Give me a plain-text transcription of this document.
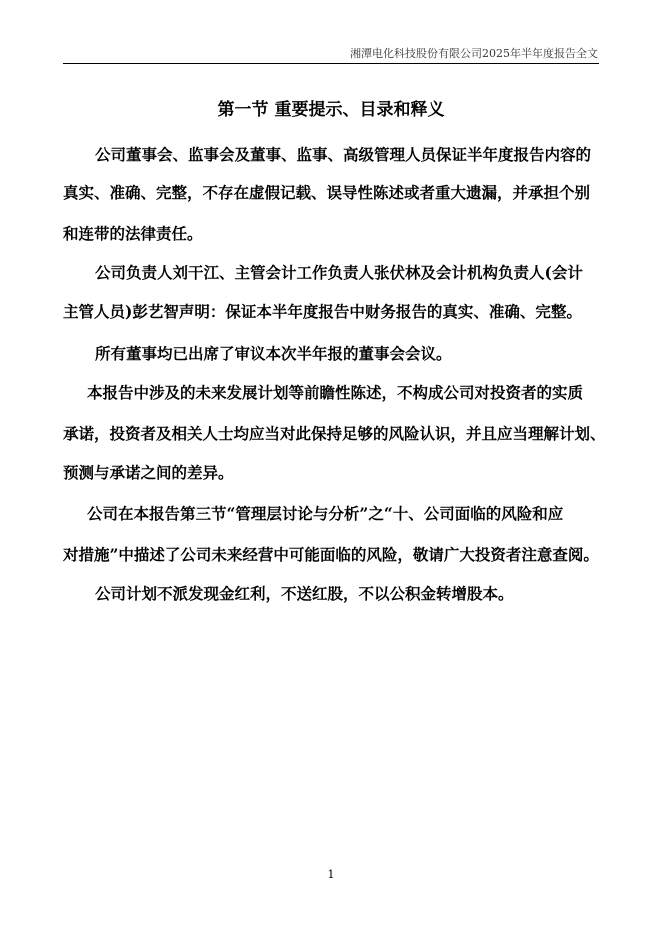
湘潭电化科技股份有限公司2025年半年度报告全文
第一节 重要提示、目录和释义
公司董事会、监事会及董事、监事、高级管理人员保证半年度报告内容的
真实、准确、完整，不存在虚假记载、误导性陈述或者重大遗漏，并承担个别
和连带的法律责任。
公司负责人刘干江、主管会计工作负责人张伏林及会计机构负责人(会计
主管人员)彭艺智声明：保证本半年度报告中财务报告的真实、准确、完整。
所有董事均已出席了审议本次半年报的董事会会议。
本报告中涉及的未来发展计划等前瞻性陈述，不构成公司对投资者的实质
承诺，投资者及相关人士均应当对此保持足够的风险认识，并且应当理解计划、
预测与承诺之间的差异。
公司在本报告第三节“管理层讨论与分析”之“十、公司面临的风险和应
对措施”中描述了公司未来经营中可能面临的风险，敬请广大投资者注意查阅。
公司计划不派发现金红利，不送红股，不以公积金转增股本。
1
